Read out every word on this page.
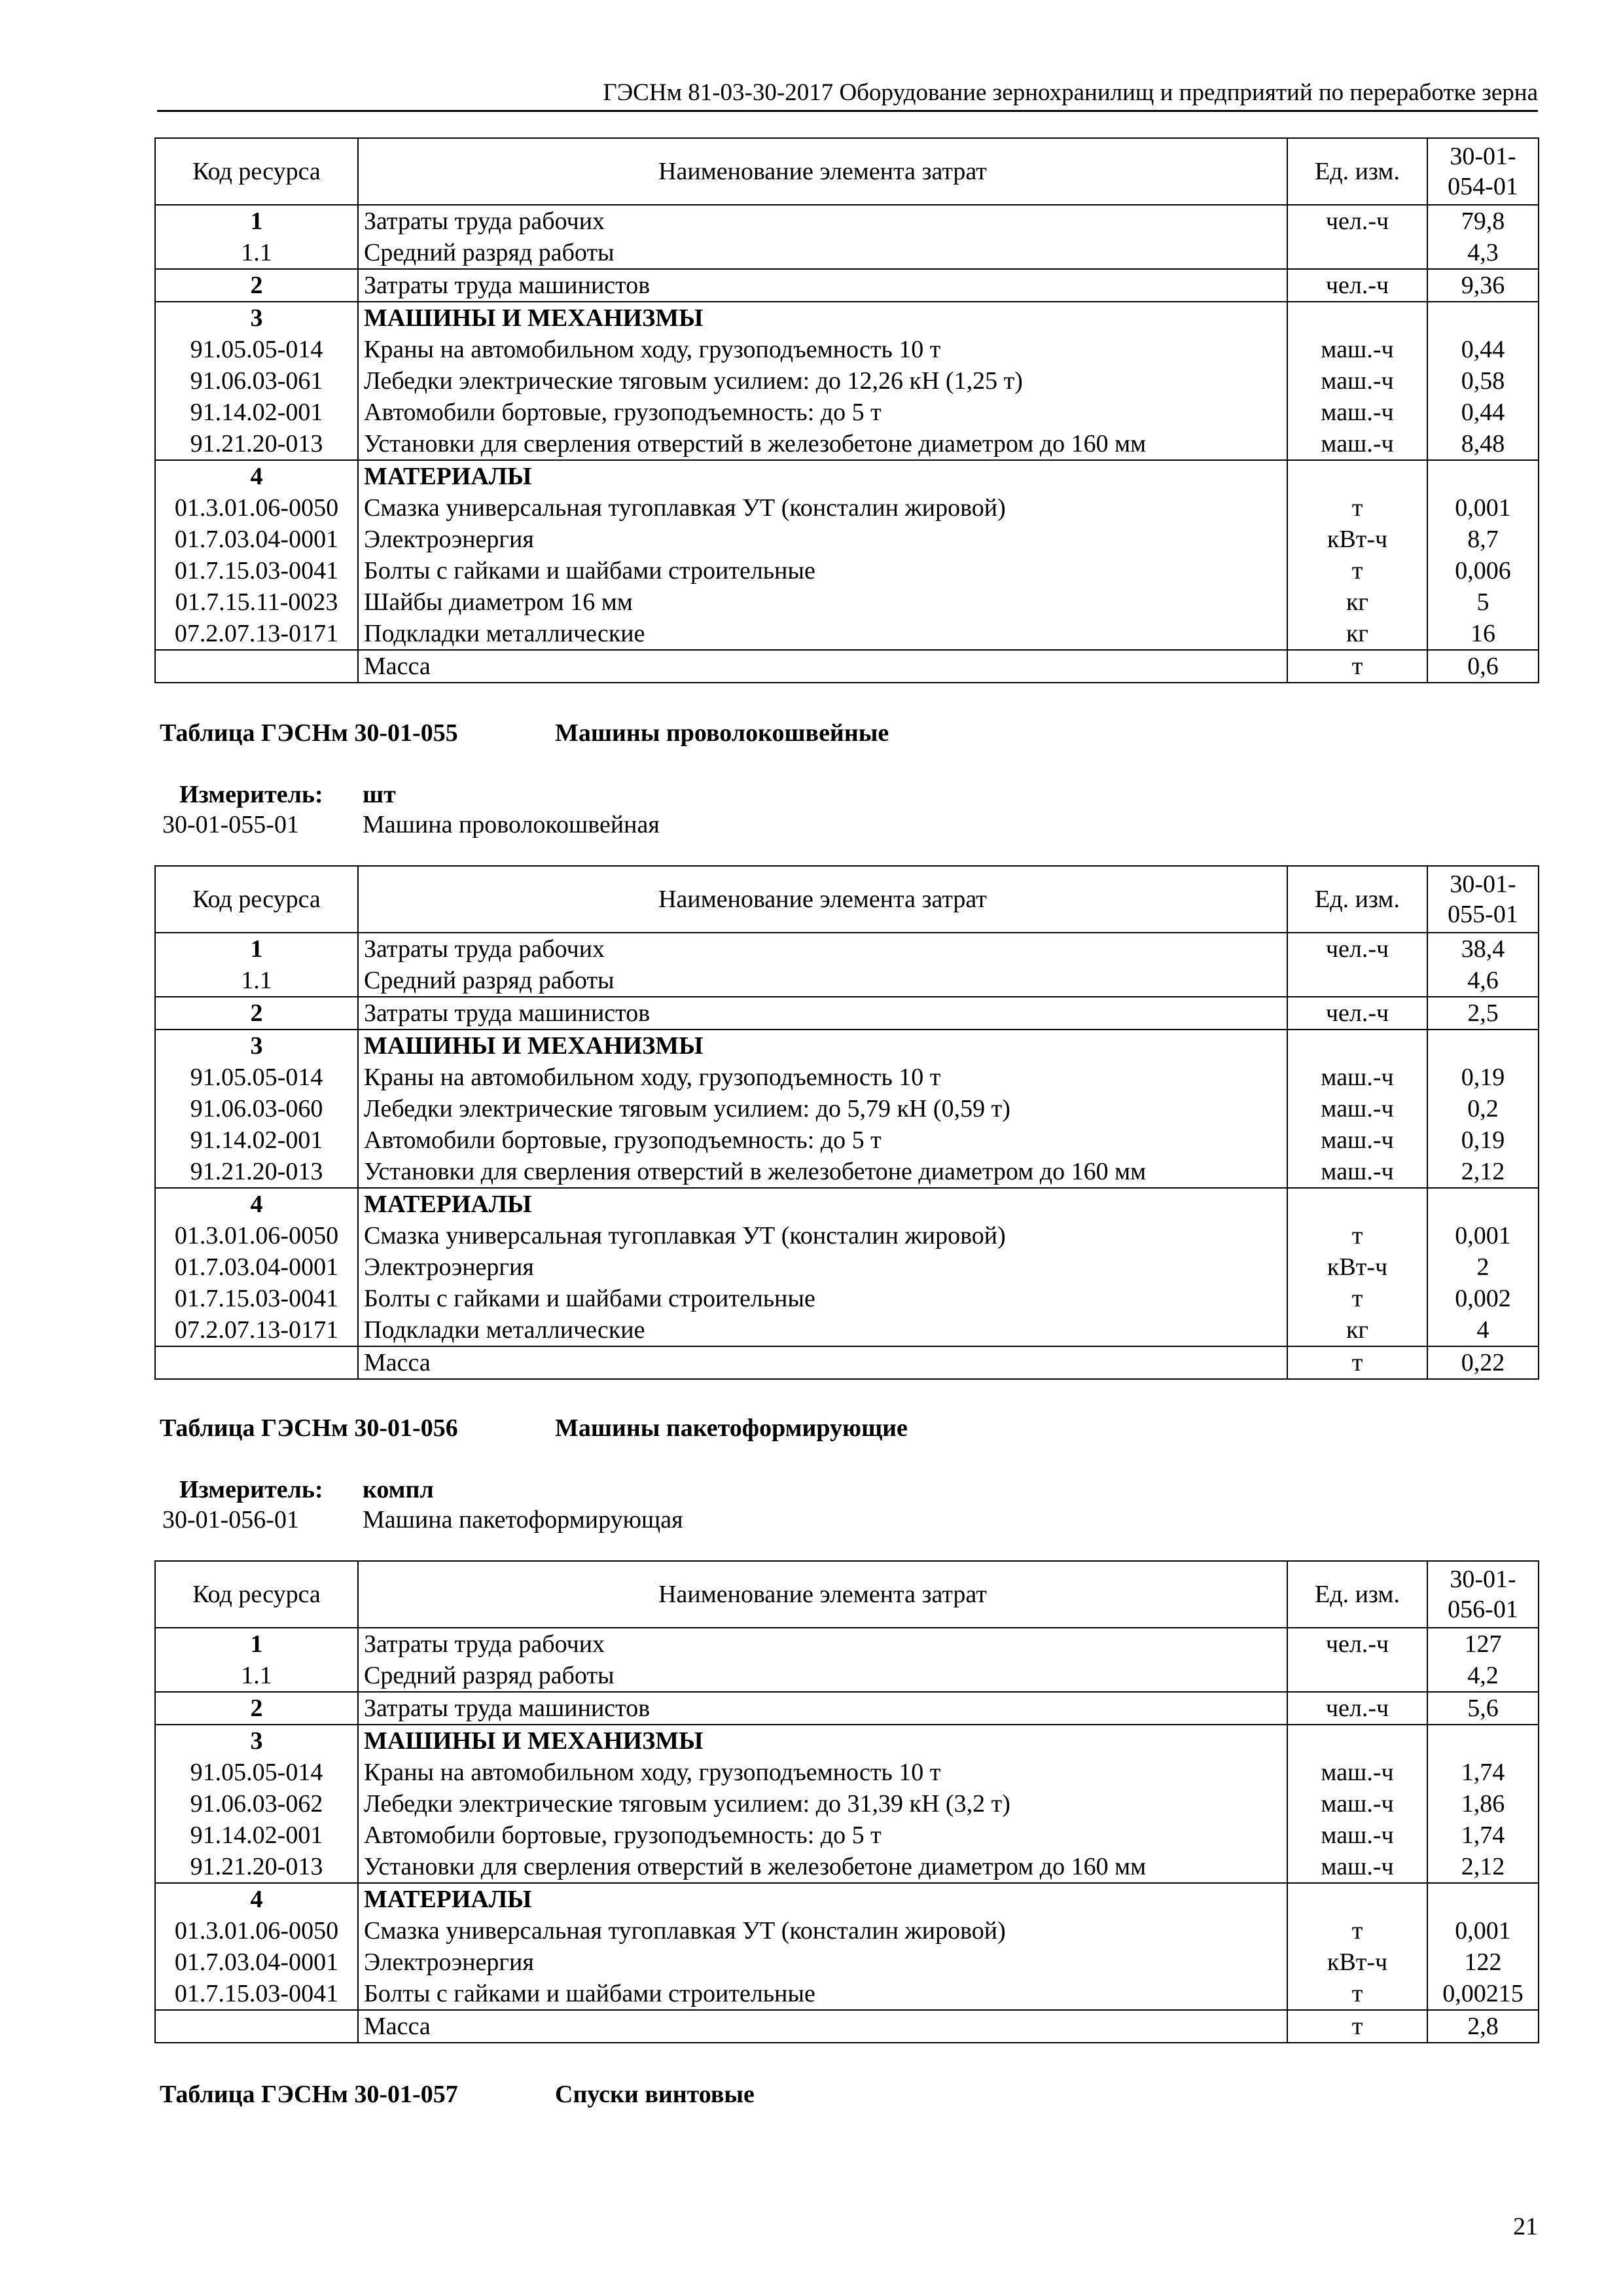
ГЭСНм 81-03-30-2017 Оборудование зернохранилищ и предприятий по переработке зерна
Код ресурса	Наименование элемента затрат	Ед. изм.	30-01-
054-01

1	Затраты труда рабочих	чел.-ч	79,8
1.1	Средний разряд работы		4,3
2	Затраты труда машинистов	чел.-ч	9,36
3	МАШИНЫ И МЕХАНИЗМЫ		
91.05.05-014	Краны на автомобильном ходу, грузоподъемность 10 т	маш.-ч	0,44
91.06.03-061	Лебедки электрические тяговым усилием: до 12,26 кН (1,25 т)	маш.-ч	0,58
91.14.02-001	Автомобили бортовые, грузоподъемность: до 5 т	маш.-ч	0,44
91.21.20-013	Установки для сверления отверстий в железобетоне диаметром до 160 мм	маш.-ч	8,48
4	МАТЕРИАЛЫ		
01.3.01.06-0050	Смазка универсальная тугоплавкая УТ (консталин жировой)	т	0,001
01.7.03.04-0001	Электроэнергия	кВт-ч	8,7
01.7.15.03-0041	Болты с гайками и шайбами строительные	т	0,006
01.7.15.11-0023	Шайбы диаметром 16 мм	кг	5
07.2.07.13-0171	Подкладки металлические	кг	16
	Масса	т	0,6
Таблица ГЭСНм 30-01-055	Машины проволокошвейные
Измеритель: шт
30-01-055-01	Машина проволокошвейная
Код ресурса	Наименование элемента затрат	Ед. изм.	30-01-
055-01

1	Затраты труда рабочих	чел.-ч	38,4
1.1	Средний разряд работы		4,6
2	Затраты труда машинистов	чел.-ч	2,5
3	МАШИНЫ И МЕХАНИЗМЫ		
91.05.05-014	Краны на автомобильном ходу, грузоподъемность 10 т	маш.-ч	0,19
91.06.03-060	Лебедки электрические тяговым усилием: до 5,79 кН (0,59 т)	маш.-ч	0,2
91.14.02-001	Автомобили бортовые, грузоподъемность: до 5 т	маш.-ч	0,19
91.21.20-013	Установки для сверления отверстий в железобетоне диаметром до 160 мм	маш.-ч	2,12
4	МАТЕРИАЛЫ		
01.3.01.06-0050	Смазка универсальная тугоплавкая УТ (консталин жировой)	т	0,001
01.7.03.04-0001	Электроэнергия	кВт-ч	2
01.7.15.03-0041	Болты с гайками и шайбами строительные	т	0,002
07.2.07.13-0171	Подкладки металлические	кг	4
	Масса	т	0,22
Таблица ГЭСНм 30-01-056	Машины пакетоформирующие
Измеритель: компл
30-01-056-01	Машина пакетоформирующая
Код ресурса	Наименование элемента затрат	Ед. изм.	30-01-
056-01

1	Затраты труда рабочих	чел.-ч	127
1.1	Средний разряд работы		4,2
2	Затраты труда машинистов	чел.-ч	5,6
3	МАШИНЫ И МЕХАНИЗМЫ		
91.05.05-014	Краны на автомобильном ходу, грузоподъемность 10 т	маш.-ч	1,74
91.06.03-062	Лебедки электрические тяговым усилием: до 31,39 кН (3,2 т)	маш.-ч	1,86
91.14.02-001	Автомобили бортовые, грузоподъемность: до 5 т	маш.-ч	1,74
91.21.20-013	Установки для сверления отверстий в железобетоне диаметром до 160 мм	маш.-ч	2,12
4	МАТЕРИАЛЫ		
01.3.01.06-0050	Смазка универсальная тугоплавкая УТ (консталин жировой)	т	0,001
01.7.03.04-0001	Электроэнергия	кВт-ч	122
01.7.15.03-0041	Болты с гайками и шайбами строительные	т	0,00215
	Масса	т	2,8
Таблица ГЭСНм 30-01-057	Спуски винтовые
21
